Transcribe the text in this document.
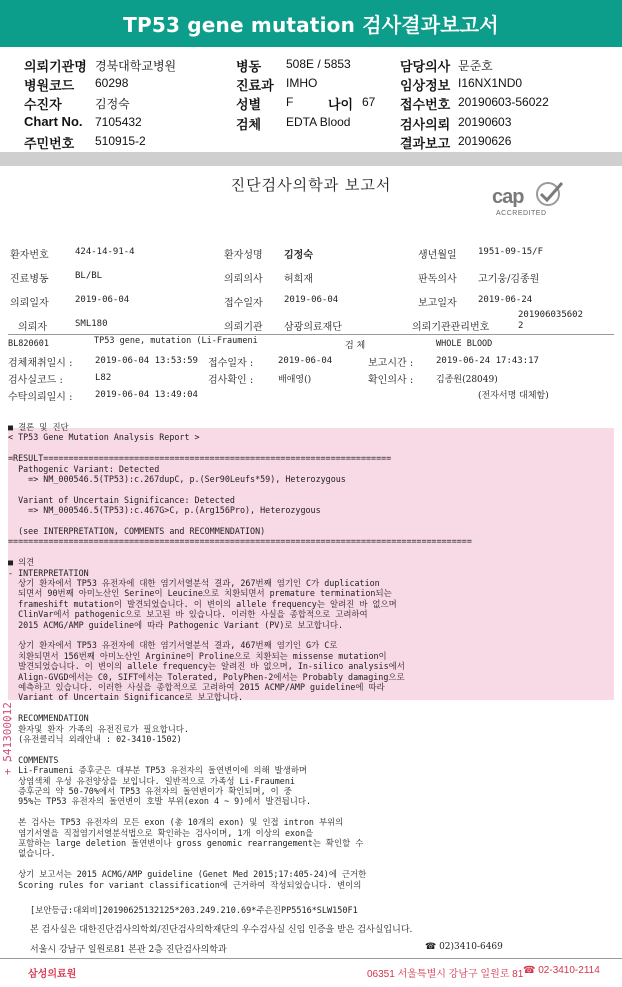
TP53 gene mutation 검사결과보고서
의뢰기관명 경북대학교병원	병동 508E / 5853	담당의사 문준호
병원코드 60298	진료과 IMHO	임상정보 I16NX1ND0
수진자	김정숙	성별 F	나이 67 접수번호 20190603-56022
Chart No. 7105432	검체 EDTA Blood	검사의뢰 20190603
주민번호 510915-2	결과보고 20190626
진단검사의학과 보고서
cap
ACCREDITED
환자번호	424-14-91-4	환자성명 김정숙	생년월일 1951-09-15/F
진료병동	BL/BL	의뢰의사 허희재	판독의사 고기웅/김종원
의뢰일자	2019-06-04	접수일자 2019-06-04	보고일자 2019-06-24
의뢰자	SML180	의뢰기관 삼광의료재단	의뢰기관관리번호
201906035602
2
BL820601	TP53 gene, mutation (Li-Fraumeni	검 체	WHOLE BLOOD
검체채취일시 : 2019-06-04 13:53:59 접수일자 :	2019-06-04	보고시간 :	2019-06-24 17:43:17
검사실코드 :	L82	검사확인 :	배애영()	확인의사 :	김종원(28049)
수탁의뢰일시 : 2019-06-04 13:49:04	(전자서명 대체함)
■ 결론 및 진단
< TP53 Gene Mutation Analysis Report >
=RESULT=====================================================================
Pathogenic Variant: Detected
=> NM_000546.5(TP53):c.267dupC, p.(Ser90Leufs*59), Heterozygous
Variant of Uncertain Significance: Detected
=> NM_000546.5(TP53):c.467G>C, p.(Arg156Pro), Heterozygous
(see INTERPRETATION, COMMENTS and RECOMMENDATION)
============================================================================================
■ 의견
- INTERPRETATION
상기 환자에서 TP53 유전자에 대한 염기서열분석 결과, 267번째 염기인 C가 duplication
되면서 90번째 아미노산인 Serine이 Leucine으로 치환되면서 premature termination되는
frameshift mutation이 발견되었습니다. 이 변이의 allele frequency는 알려진 바 없으며
ClinVar에서 pathogenic으로 보고된 바 있습니다. 이러한 사실을 종합적으로 고려하여
2015 ACMG/AMP guideline에 따라 Pathogenic Variant (PV)로 보고합니다.
상기 환자에서 TP53 유전자에 대한 염기서열분석 결과, 467번째 염기인 G가 C로
치환되면서 156번째 아미노산인 Arginine이 Proline으로 치환되는 missense mutation이
발견되었습니다. 이 변이의 allele frequency는 알려진 바 없으며, In-silico analysis에서
Align-GVGD에서는 C0, SIFT에서는 Tolerated, PolyPhen-2에서는 Probably damaging으로
예측하고 있습니다. 이러한 사실을 종합적으로 고려하여 2015 ACMP/AMP guideline에 따라
Variant of Uncertain Significance로 보고합니다.
- RECOMMENDATION
환자및 환자 가족의 유전진료가 필요합니다.
(유전클리닉 외래안내 : 02-3410-1502)
- COMMENTS
Li-Fraumeni 증후군은 대부분 TP53 유전자의 돌연변이에 의해 발생하며
상염색체 우성 유전양상을 보입니다. 일반적으로 가족성 Li-Fraumeni
증후군의 약 50-70%에서 TP53 유전자의 돌연변이가 확인되며, 이 중
95%는 TP53 유전자의 돌연변이 호발 부위(exon 4 ~ 9)에서 발견됩니다.
본 검사는 TP53 유전자의 모든 exon (총 10개의 exon) 및 인접 intron 부위의
염기서열을 직접염기서열분석법으로 확인하는 검사이며, 1개 이상의 exon을
포함하는 large deletion 돌연변이나 gross genomic rearrangement는 확인할 수
없습니다.
상기 보고서는 2015 ACMG/AMP guideline (Genet Med 2015;17:405-24)에 근거한
Scoring rules for variant classification에 근거하여 작성되었습니다. 변이의
[보안등급:대외비]20190625132125*203.249.210.69*주은진PP5516*SLW150F1
본 검사실은 대한진단검사의학회/진단검사의학재단의 우수검사실 신임 인증을 받은 검사실입니다.
서울시 강남구 일원로81 본관 2층 진단검사의학과	☎ 02)3410-6469
+ 541300012
삼성의료원	06351 서울특별시 강남구 일원로 81 ☎ 02-3410-2114
